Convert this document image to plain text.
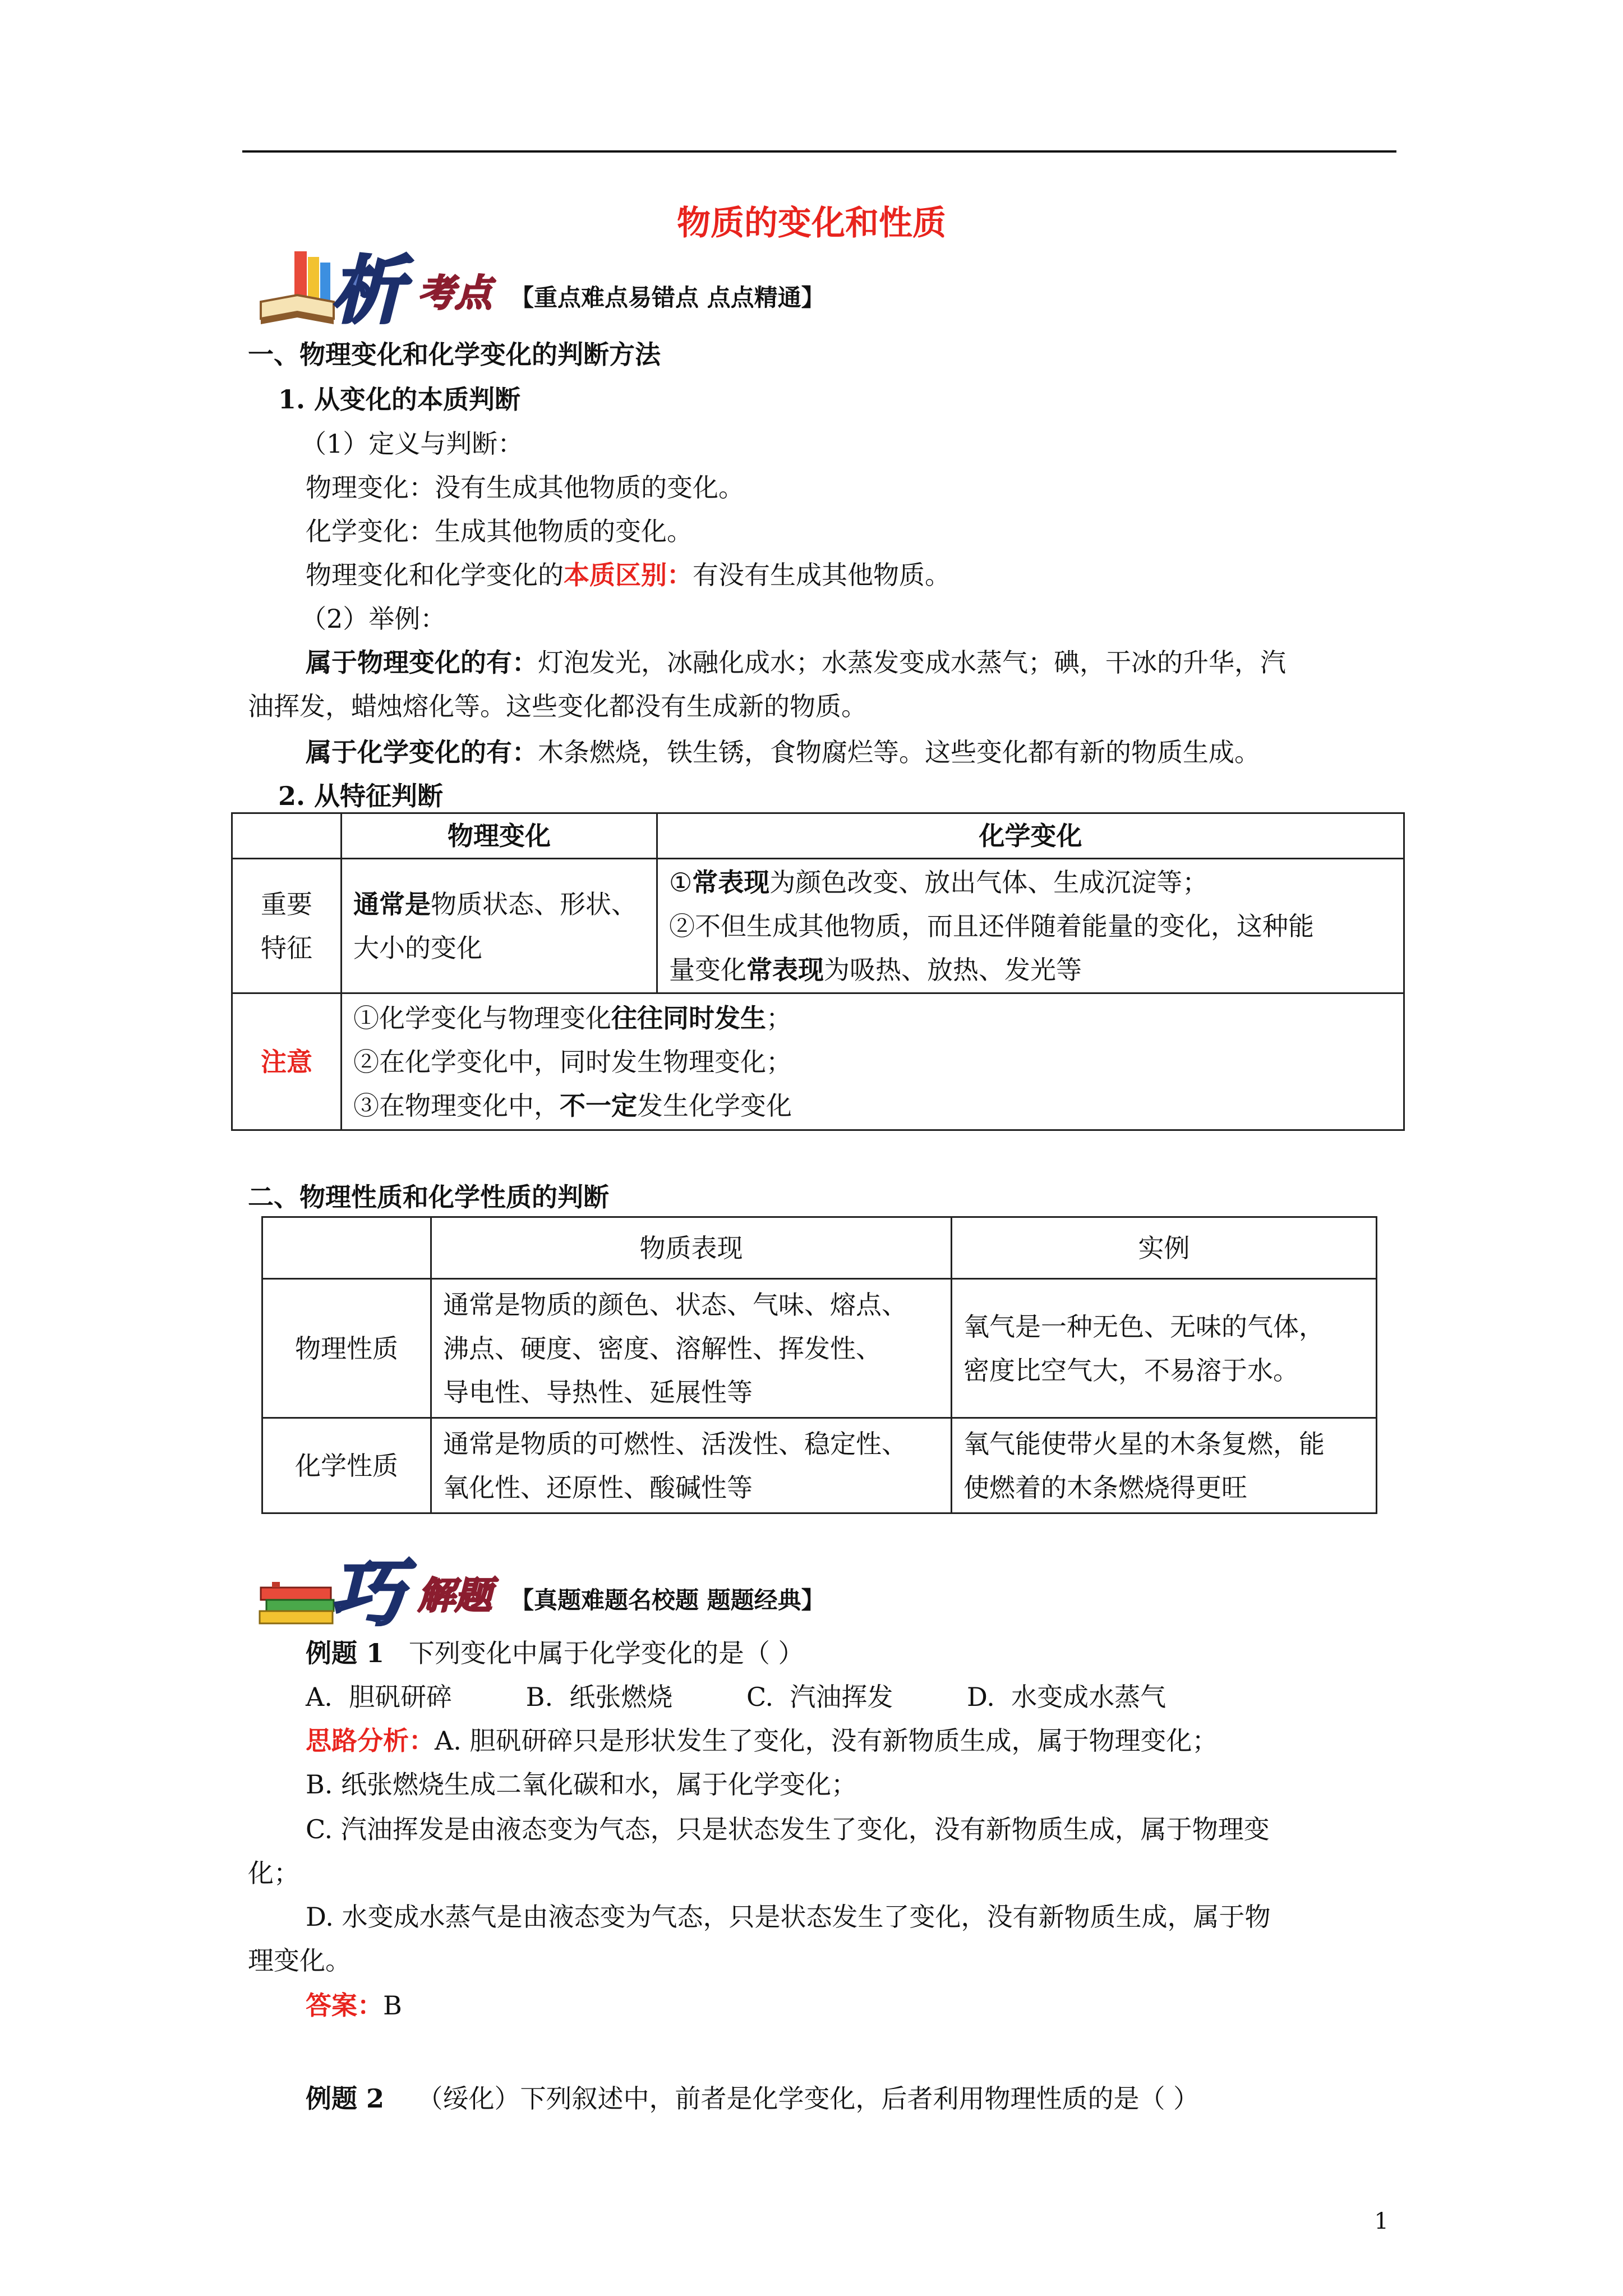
物质的变化和性质
析 考点 【重点难点易错点 点点精通】
一、物理变化和化学变化的判断方法
1. 从变化的本质判断
（1）定义与判断：
物理变化：没有生成其他物质的变化。
化学变化：生成其他物质的变化。
物理变化和化学变化的本质区别：有没有生成其他物质。
（2）举例：
属于物理变化的有：灯泡发光，冰融化成水；水蒸发变成水蒸气；碘，干冰的升华，汽
油挥发，蜡烛熔化等。这些变化都没有生成新的物质。
属于化学变化的有：木条燃烧，铁生锈，食物腐烂等。这些变化都有新的物质生成。
2. 从特征判断
	物理变化	化学变化

重要
特征	通常是物质状态、形状、
大小的变化	①常表现为颜色改变、放出气体、生成沉淀等；
②不但生成其他物质，而且还伴随着能量的变化，这种能
量变化常表现为吸热、放热、发光等

注意	①化学变化与物理变化往往同时发生；
②在化学变化中，同时发生物理变化；
③在物理变化中，不一定发生化学变化	
二、物理性质和化学性质的判断
	物质表现	实例
物理性质	通常是物质的颜色、状态、气味、熔点、
沸点、硬度、密度、溶解性、挥发性、
导电性、导热性、延展性等	氧气是一种无色、无味的气体，
密度比空气大，不易溶于水。

化学性质	通常是物质的可燃性、活泼性、稳定性、
氧化性、还原性、酸碱性等	氧气能使带火星的木条复燃，能
使燃着的木条燃烧得更旺
巧 解题 【真题难题名校题 题题经典】
例题 1 下列变化中属于化学变化的是（ ）
A.  胆矾研碎         B.  纸张燃烧         C.  汽油挥发         D.  水变成水蒸气
思路分析：A. 胆矾研碎只是形状发生了变化，没有新物质生成，属于物理变化；
B. 纸张燃烧生成二氧化碳和水，属于化学变化；
C. 汽油挥发是由液态变为气态，只是状态发生了变化，没有新物质生成，属于物理变
化；
D. 水变成水蒸气是由液态变为气态，只是状态发生了变化，没有新物质生成，属于物
理变化。
答案：B
例题 2 （绥化）下列叙述中，前者是化学变化，后者利用物理性质的是（ ）
1
